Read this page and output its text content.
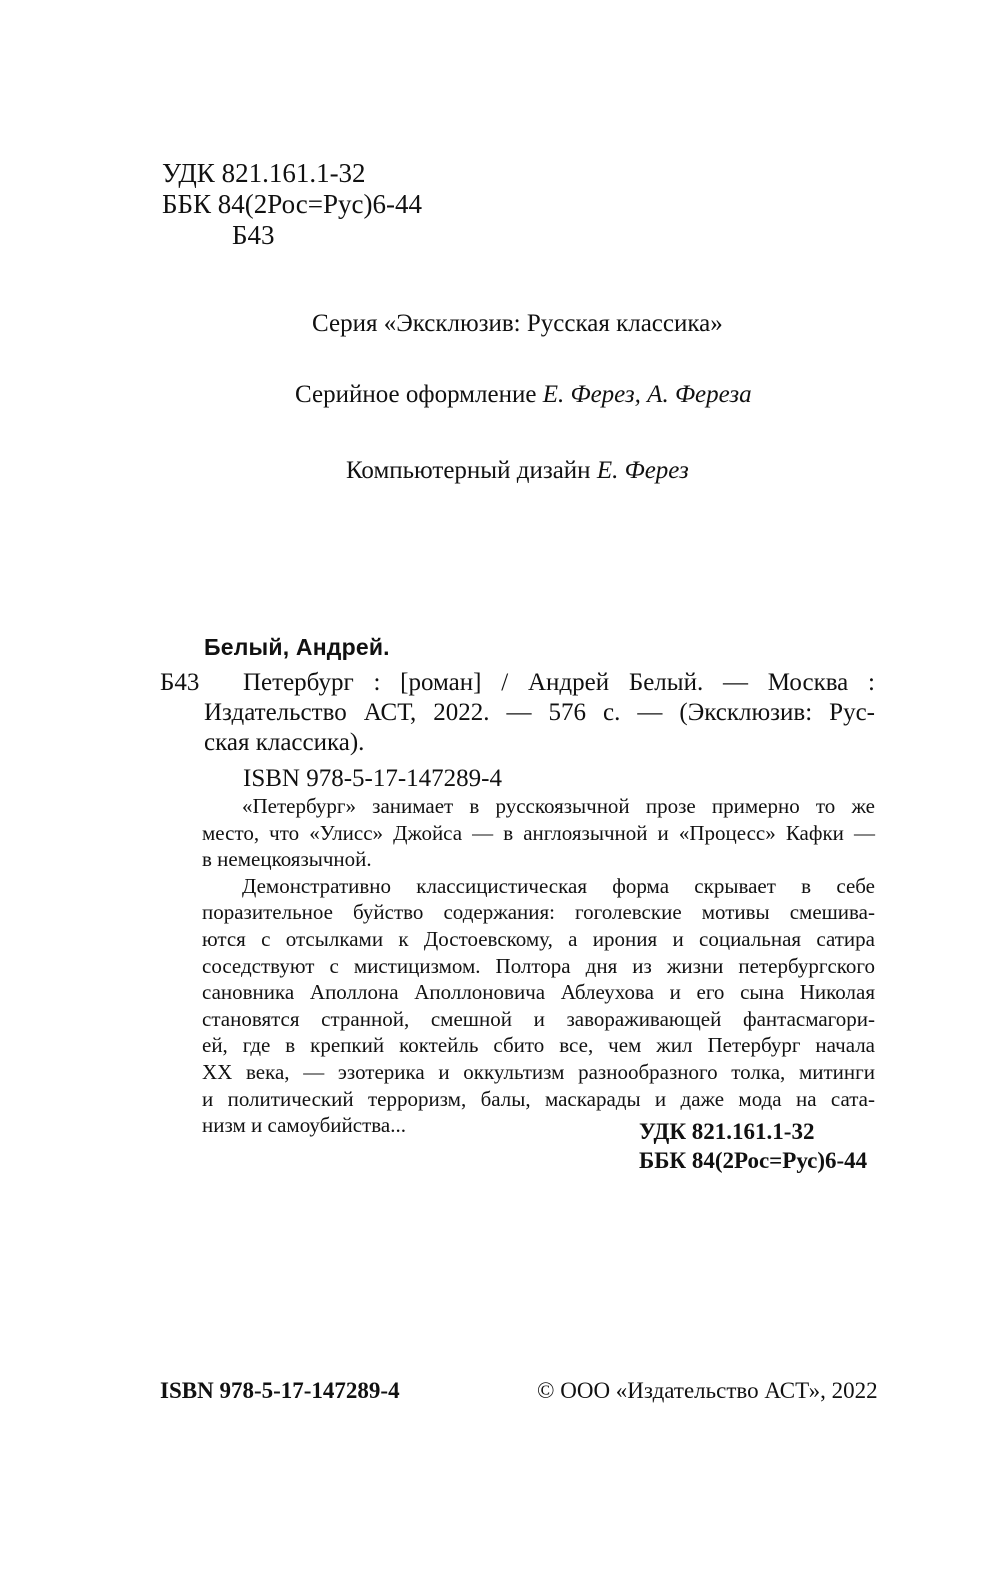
УДК 821.161.1-32
ББК 84(2Рос=Рус)6-44
Б43
Серия «Эксклюзив: Русская классика»
Серийное оформление Е. Ферез, А. Фереза
Компьютерный дизайн Е. Ферез
Белый, Андрей.
Б43	Петербург : [роман] / Андрей Белый. — Москва :
Издательство АСТ, 2022. — 576 с. — (Эксклюзив: Рус-
ская классика).
ISBN 978-5-17-147289-4

«Петербург» занимает в русскоязычной прозе примерно то же
место, что «Улисс» Джойса — в англоязычной и «Процесс» Кафки —
в немецкоязычной.

Демонстративно классицистическая форма скрывает в себе
поразительное буйство содержания: гоголевские мотивы смешива-
ются с отсылками к Достоевскому, а ирония и социальная сатира
соседствуют с мистицизмом. Полтора дня из жизни петербургского
сановника Аполлона Аполлоновича Аблеухова и его сына Николая
становятся странной, смешной и завораживающей фантасмагори-
ей, где в крепкий коктейль сбито все, чем жил Петербург начала
XX века, — эзотерика и оккультизм разнообразного толка, митинги
и политический терроризм, балы, маскарады и даже мода на сата-
низм и самоубийства...	УДК 821.161.1-32
ББК 84(2Рос=Рус)6-44
ISBN 978-5-17-147289-4	© ООО «Издательство АСТ», 2022
